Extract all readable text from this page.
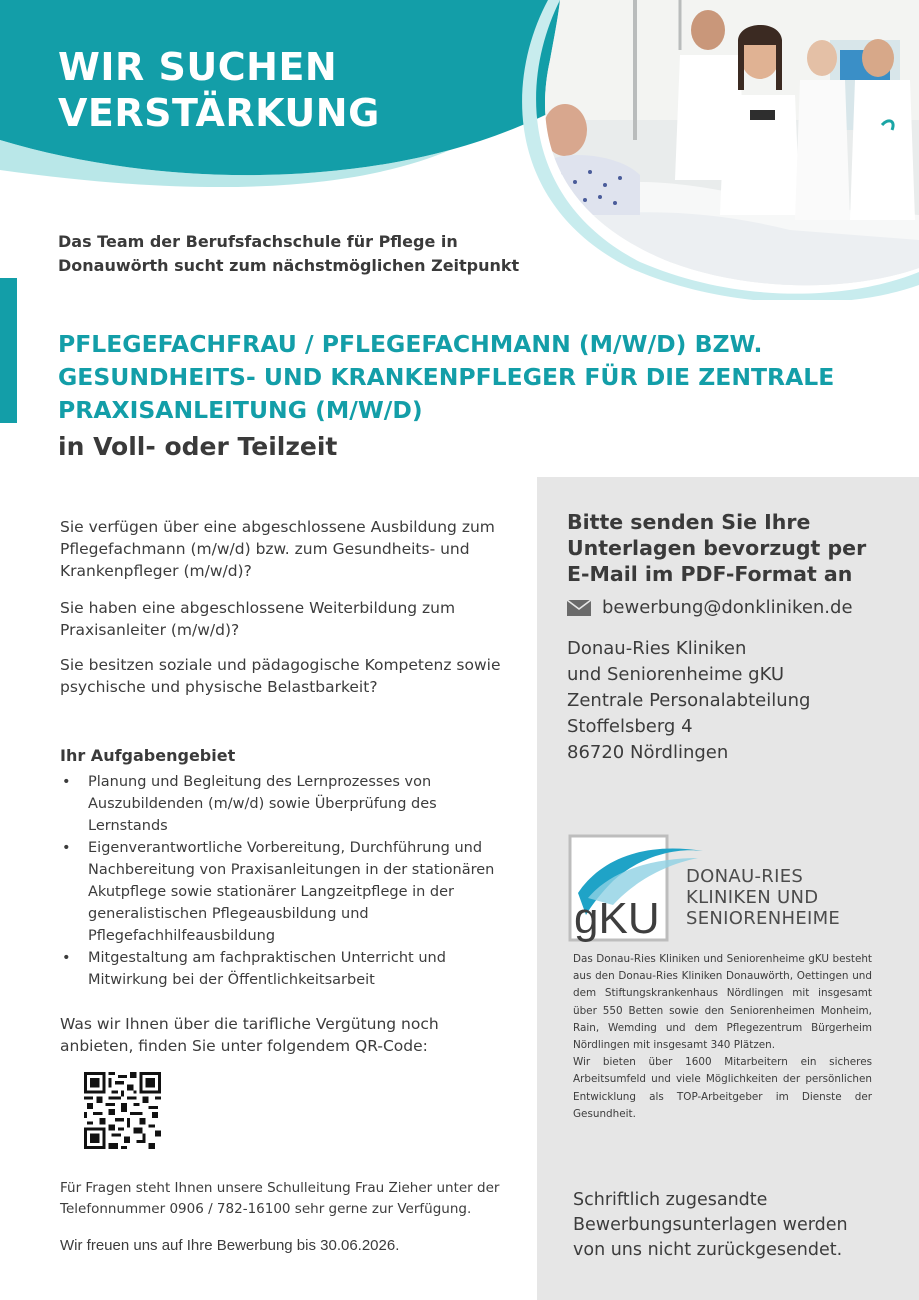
WIR SUCHEN
VERSTÄRKUNG
Das Team der Berufsfachschule für Pflege in
Donauwörth sucht zum nächstmöglichen Zeitpunkt
PFLEGEFACHFRAU / PFLEGEFACHMANN (M/W/D) BZW.
GESUNDHEITS- UND KRANKENPFLEGER FÜR DIE ZENTRALE
PRAXISANLEITUNG (M/W/D)
in Voll- oder Teilzeit

Sie verfügen über eine abgeschlossene Ausbildung zum Pflegefachmann (m/w/d) bzw. zum Gesundheits- und Krankenpfleger (m/w/d)?

Sie haben eine abgeschlossene Weiterbildung zum Praxisanleiter (m/w/d)?

Sie besitzen soziale und pädagogische Kompetenz sowie psychische und physische Belastbarkeit?

Ihr Aufgabengebiet
• Planung und Begleitung des Lernprozesses von Auszubildenden (m/w/d) sowie Überprüfung des Lernstands
• Eigenverantwortliche Vorbereitung, Durchführung und Nachbereitung von Praxisanleitungen in der stationären Akutpflege sowie stationärer Langzeitpflege in der generalistischen Pflegeausbildung und Pflegefachhilfeausbildung
• Mitgestaltung am fachpraktischen Unterricht und Mitwirkung bei der Öffentlichkeitsarbeit

Was wir Ihnen über die tarifliche Vergütung noch anbieten, finden Sie unter folgendem QR-Code:

Für Fragen steht Ihnen unsere Schulleitung Frau Zieher unter der Telefonnummer 0906 / 782-16100 sehr gerne zur Verfügung.

Wir freuen uns auf Ihre Bewerbung bis 30.06.2026.

Bitte senden Sie Ihre
Unterlagen bevorzugt per
E-Mail im PDF-Format an
bewerbung@donkliniken.de
Donau-Ries Kliniken
und Seniorenheime gKU
Zentrale Personalabteilung
Stoffelsberg 4
86720 Nördlingen
gKU
DONAU-RIES
KLINIKEN UND
SENIORENHEIME

Das Donau-Ries Kliniken und Seniorenheime gKU besteht aus den Donau-Ries Kliniken Donauwörth, Oettingen und dem Stiftungskrankenhaus Nördlingen mit insgesamt über 550 Betten sowie den Seniorenheimen Monheim, Rain, Wemding und dem Pflegezentrum Bürgerheim Nördlingen mit insgesamt 340 Plätzen.

Wir bieten über 1600 Mitarbeitern ein sicheres Arbeitsumfeld und viele Möglichkeiten der persönlichen Entwicklung als TOP-Arbeitgeber im Dienste der Gesundheit.

Schriftlich zugesandte
Bewerbungsunterlagen werden
von uns nicht zurückgesendet.
